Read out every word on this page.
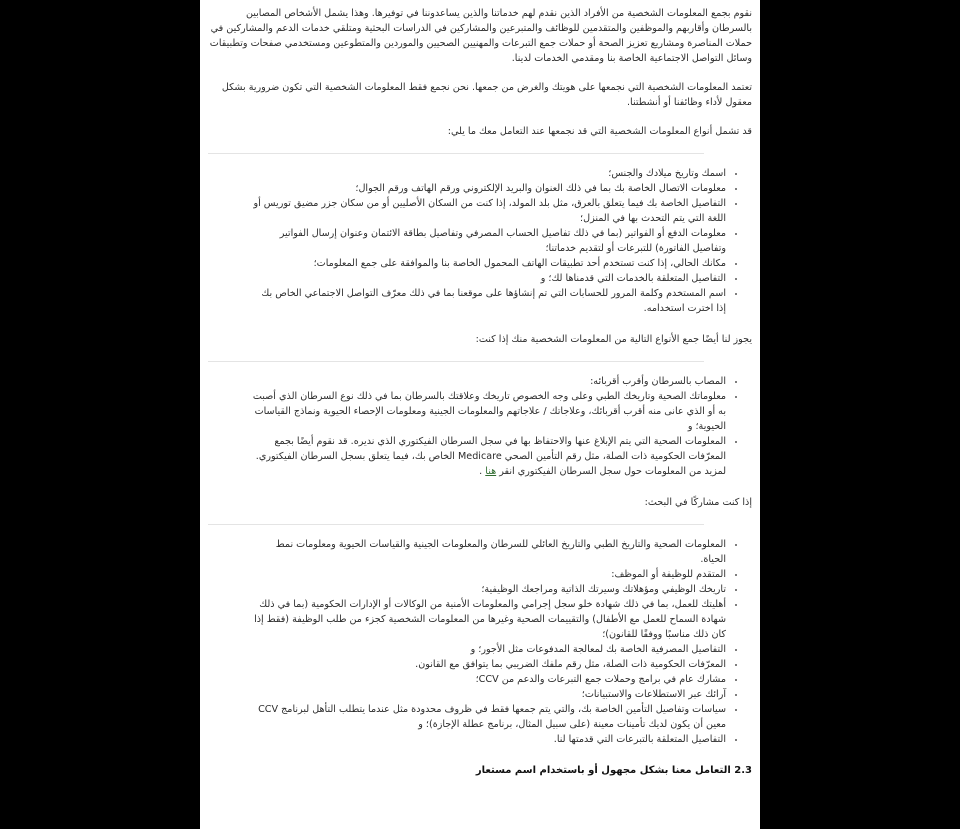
نقوم بجمع المعلومات الشخصية من الأفراد الذين نقدم لهم خدماتنا والذين يساعدوننا في توفيرها. وهذا يشمل الأشخاص المصابين بالسرطان وأقاربهم والموظفين والمتقدمين للوظائف والمتبرعين والمشاركين في الدراسات البحثية ومتلقي خدمات الدعم والمشاركين في حملات المناصرة ومشاريع تعزيز الصحة أو حملات جمع التبرعات والمهنيين الصحيين والموردين والمتطوعين ومستخدمي صفحات وتطبيقات وسائل التواصل الاجتماعية الخاصة بنا ومقدمي الخدمات لدينا.

تعتمد المعلومات الشخصية التي نجمعها على هويتك والغرض من جمعها. نحن نجمع فقط المعلومات الشخصية التي تكون ضرورية بشكل معقول لأداء وظائفنا أو أنشطتنا.

قد تشمل أنواع المعلومات الشخصية التي قد نجمعها عند التعامل معك ما يلي:

• اسمك وتاريخ ميلادك والجنس؛
• معلومات الاتصال الخاصة بك بما في ذلك العنوان والبريد الإلكتروني ورقم الهاتف ورقم الجوال؛
• التفاصيل الخاصة بك فيما يتعلق بالعرق، مثل بلد المولد، إذا كنت من السكان الأصليين أو من سكان جزر مضيق توريس أو اللغة التي يتم التحدث بها في المنزل؛
• معلومات الدفع أو الفواتير (بما في ذلك تفاصيل الحساب المصرفي وتفاصيل بطاقة الائتمان وعنوان إرسال الفواتير وتفاصيل الفاتورة) للتبرعات أو لتقديم خدماتنا؛
• مكانك الحالي، إذا كنت تستخدم أحد تطبيقات الهاتف المحمول الخاصة بنا والموافقة على جمع المعلومات؛
• التفاصيل المتعلقة بالخدمات التي قدمناها لك؛ و
• اسم المستخدم وكلمة المرور للحسابات التي تم إنشاؤها على موقعنا بما في ذلك معرّف التواصل الاجتماعي الخاص بك إذا اخترت استخدامه.

يجوز لنا أيضًا جمع الأنواع التالية من المعلومات الشخصية منك إذا كنت:

• المصاب بالسرطان وأقرب أقربائه:
• معلوماتك الصحية وتاريخك الطبي وعلى وجه الخصوص تاريخك وعلاقتك بالسرطان بما في ذلك نوع السرطان الذي أصبت به أو الذي عانى منه أقرب أقربائك، وعلاجاتك / علاجاتهم والمعلومات الجينية ومعلومات الإحصاء الحيوية ونماذج القياسات الحيوية؛ و
• المعلومات الصحية التي يتم الإبلاغ عنها والاحتفاظ بها في سجل السرطان الفيكتوري الذي نديره. قد نقوم أيضًا بجمع المعرّفات الحكومية ذات الصلة، مثل رقم التأمين الصحي Medicare الخاص بك، فيما يتعلق بسجل السرطان الفيكتوري. لمزيد من المعلومات حول سجل السرطان الفيكتوري انقر هنا .

إذا كنت مشاركًا في البحث:

• المعلومات الصحية والتاريخ الطبي والتاريخ العائلي للسرطان والمعلومات الجينية والقياسات الحيوية ومعلومات نمط الحياة.
• المتقدم للوظيفة أو الموظف:
• تاريخك الوظيفي ومؤهلاتك وسيرتك الذاتية ومراجعك الوظيفية؛
• أهليتك للعمل، بما في ذلك شهادة خلو سجل إجرامي والمعلومات الأمنية من الوكالات أو الإدارات الحكومية (بما في ذلك شهادة السماح للعمل مع الأطفال) والتقييمات الصحية وغيرها من المعلومات الشخصية كجزء من طلب الوظيفة (فقط إذا كان ذلك مناسبًا ووفقًا للقانون)؛
• التفاصيل المصرفية الخاصة بك لمعالجة المدفوعات مثل الأجور؛ و
• المعرّفات الحكومية ذات الصلة، مثل رقم ملفك الضريبي بما يتوافق مع القانون.
• مشارك عام في برامج وحملات جمع التبرعات والدعم من CCV؛
• آرائك عبر الاستطلاعات والاستبيانات؛
• سياسات وتفاصيل التأمين الخاصة بك، والتي يتم جمعها فقط في ظروف محدودة مثل عندما يتطلب التأهل لبرنامج CCV معين أن يكون لديك تأمينات معينة (على سبيل المثال، برنامج عطلة الإجازة)؛ و
• التفاصيل المتعلقة بالتبرعات التي قدمتها لنا.

2.3 التعامل معنا بشكل مجهول أو باستخدام اسم مستعار
